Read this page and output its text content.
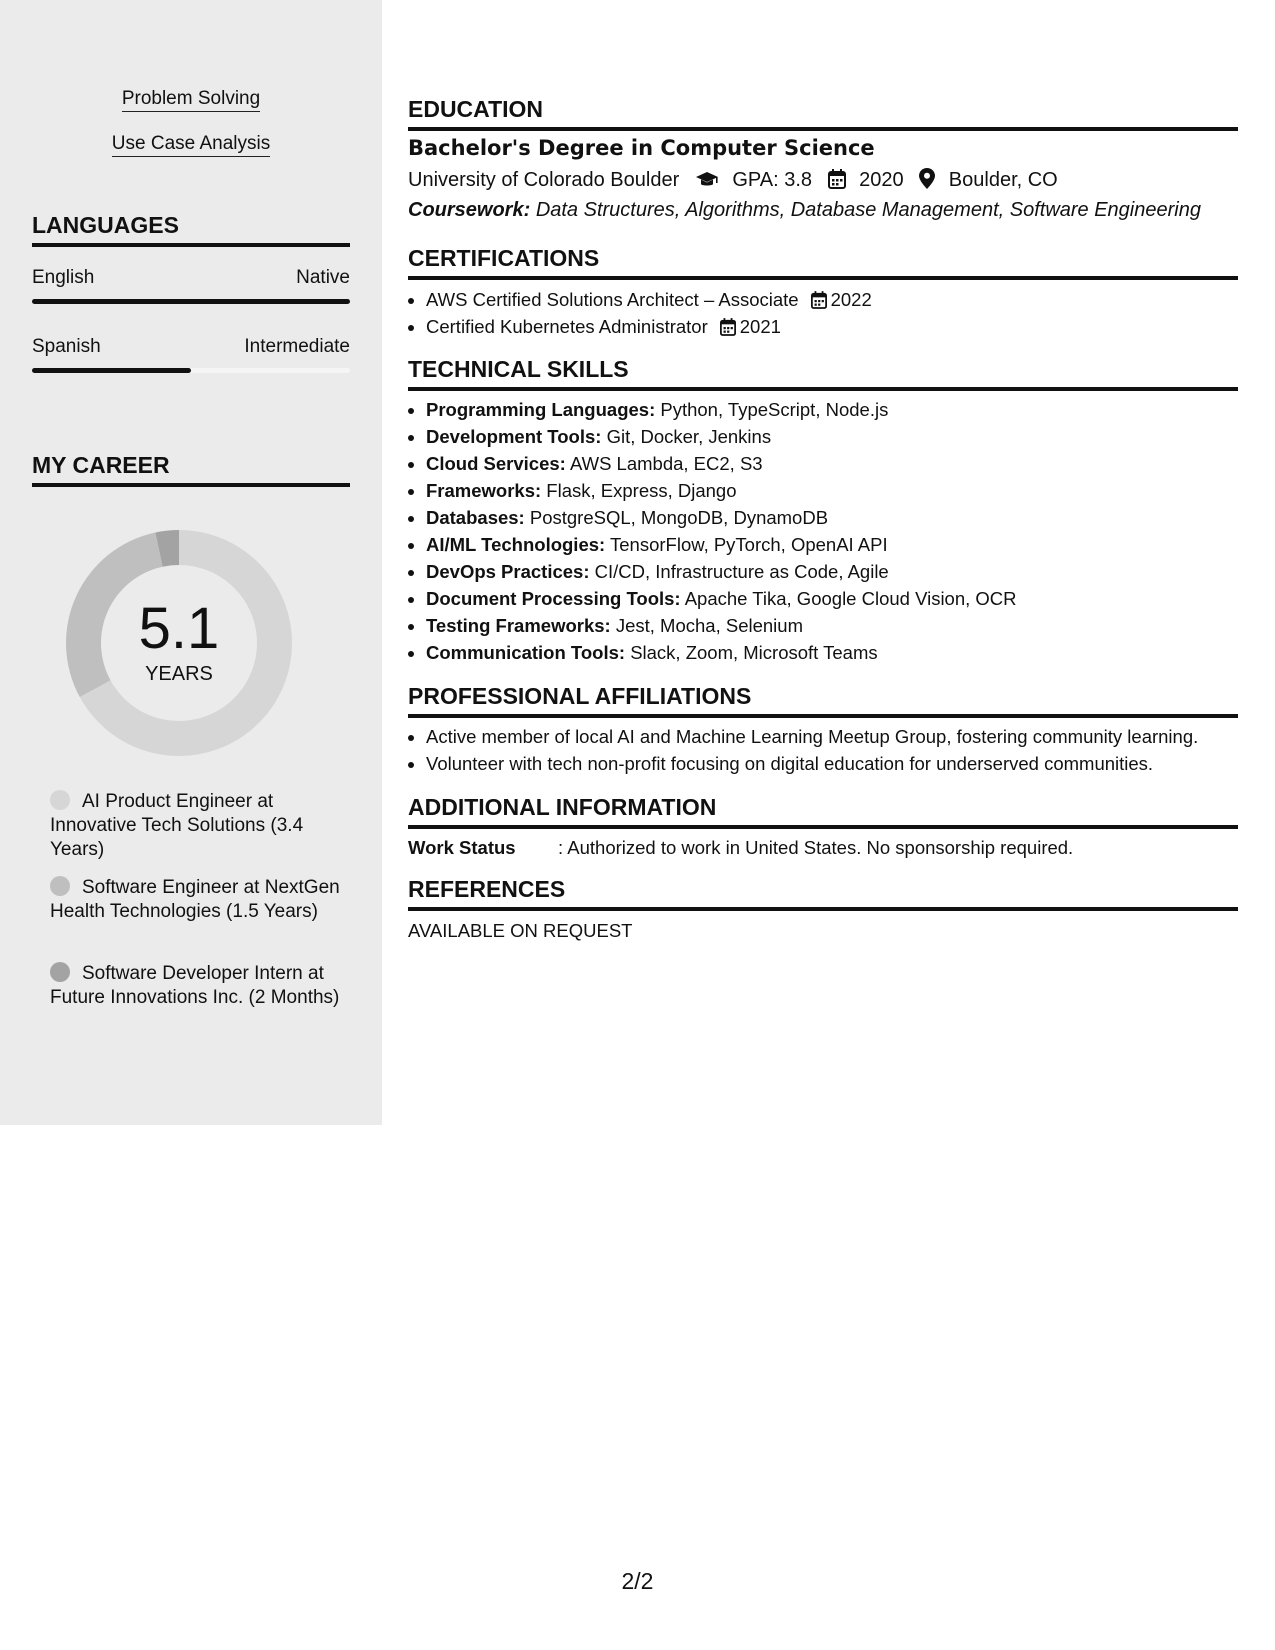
Problem Solving
Use Case Analysis
LANGUAGES
English	Native
Spanish	Intermediate
MY CAREER
5.1
YEARS
AI Product Engineer at Innovative Tech Solutions (3.4 Years)
Software Engineer at NextGen Health Technologies (1.5 Years)
Software Developer Intern at Future Innovations Inc. (2 Months)
EDUCATION
Bachelor's Degree in Computer Science
University of Colorado Boulder	GPA: 3.8 2020 Boulder, CO
Coursework: Data Structures, Algorithms, Database Management, Software Engineering
CERTIFICATIONS
• AWS Certified Solutions Architect – Associate 2022
• Certified Kubernetes Administrator 2021
TECHNICAL SKILLS
• Programming Languages: Python, TypeScript, Node.js
• Development Tools: Git, Docker, Jenkins
• Cloud Services: AWS Lambda, EC2, S3
• Frameworks: Flask, Express, Django
• Databases: PostgreSQL, MongoDB, DynamoDB
• AI/ML Technologies: TensorFlow, PyTorch, OpenAI API
• DevOps Practices: CI/CD, Infrastructure as Code, Agile
• Document Processing Tools: Apache Tika, Google Cloud Vision, OCR
• Testing Frameworks: Jest, Mocha, Selenium
• Communication Tools: Slack, Zoom, Microsoft Teams
PROFESSIONAL AFFILIATIONS
• Active member of local AI and Machine Learning Meetup Group, fostering community learning.
• Volunteer with tech non-profit focusing on digital education for underserved communities.
ADDITIONAL INFORMATION
Work Status : Authorized to work in United States. No sponsorship required.
REFERENCES
AVAILABLE ON REQUEST
2/2
